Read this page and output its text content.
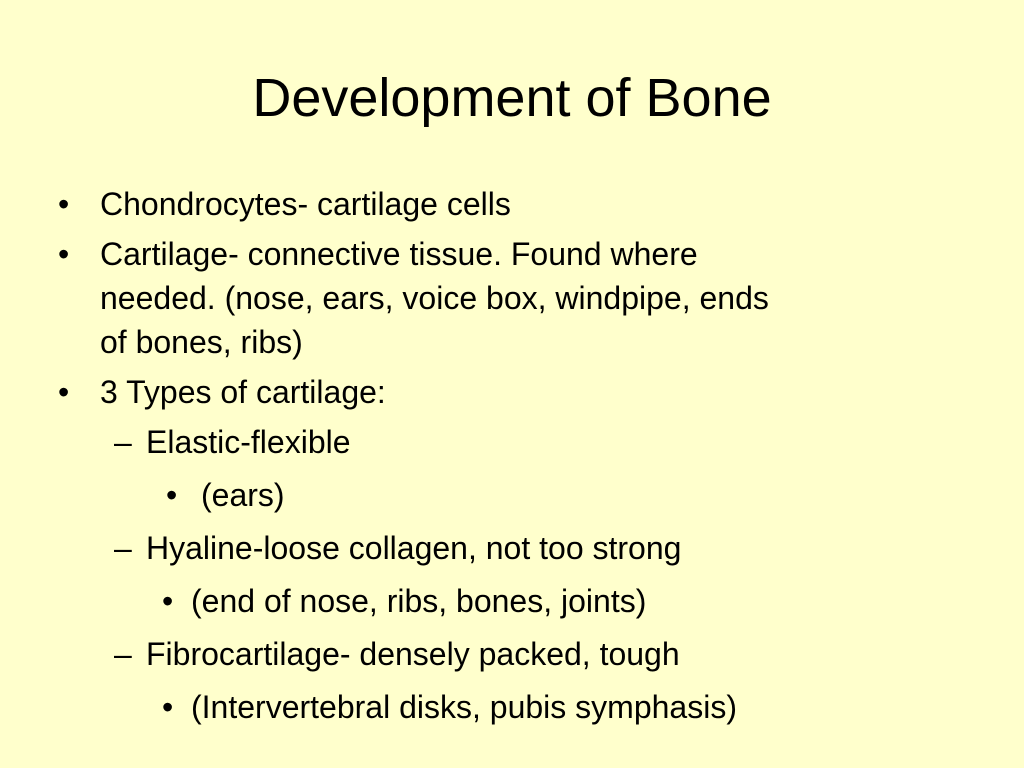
Development of Bone
• Chondrocytes- cartilage cells
• Cartilage- connective tissue. Found where
needed. (nose, ears, voice box, windpipe, ends
of bones, ribs)
• 3 Types of cartilage:
– Elastic-flexible
• (ears)
– Hyaline-loose collagen, not too strong
• (end of nose, ribs, bones, joints)
– Fibrocartilage- densely packed, tough
• (Intervertebral disks, pubis symphasis)
